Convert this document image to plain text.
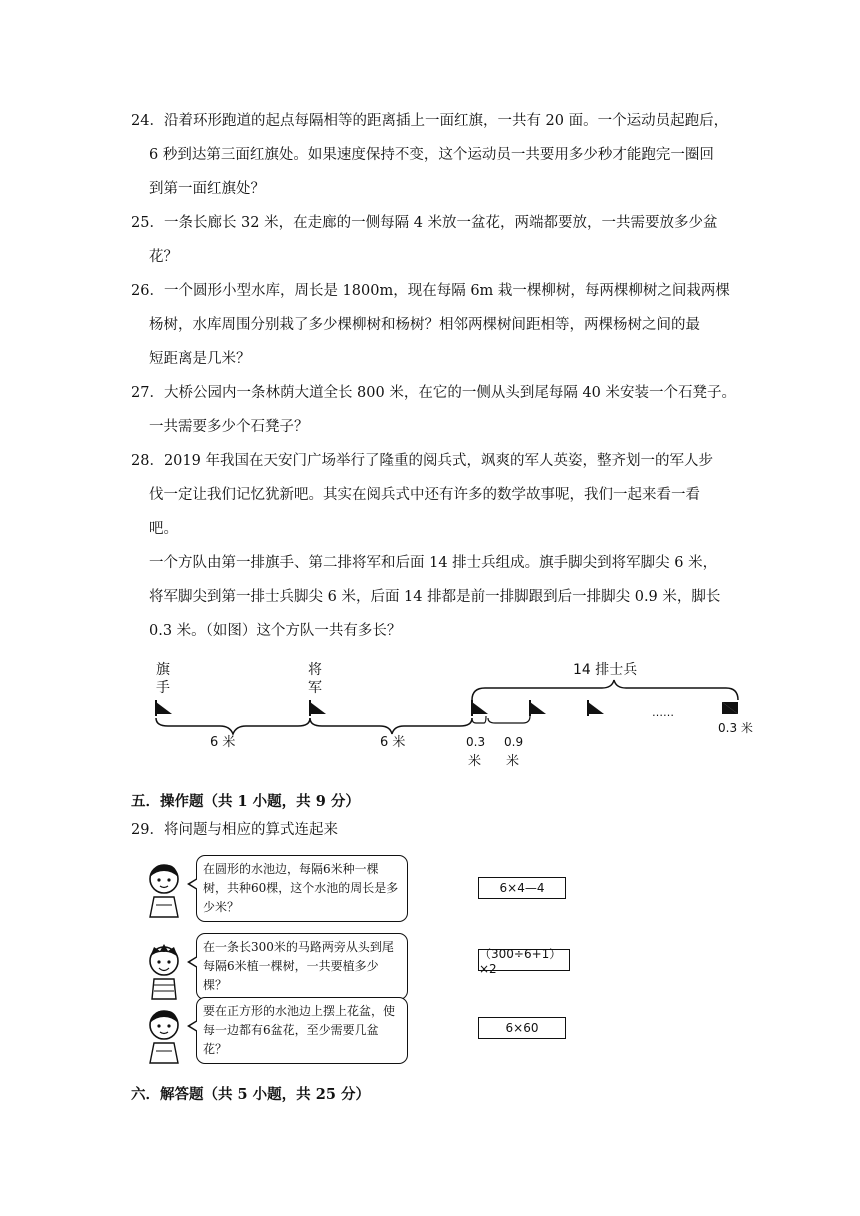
24．沿着环形跑道的起点每隔相等的距离插上一面红旗，一共有 20 面。一个运动员起跑后，
6 秒到达第三面红旗处。如果速度保持不变，这个运动员一共要用多少秒才能跑完一圈回
到第一面红旗处？
25．一条长廊长 32 米，在走廊的一侧每隔 4 米放一盆花，两端都要放，一共需要放多少盆
花？
26．一个圆形小型水库，周长是 1800m，现在每隔 6m 栽一棵柳树，每两棵柳树之间栽两棵
杨树，水库周围分别栽了多少棵柳树和杨树？相邻两棵树间距相等，两棵杨树之间的最
短距离是几米？
27．大桥公园内一条林荫大道全长 800 米，在它的一侧从头到尾每隔 40 米安装一个石凳子。
一共需要多少个石凳子？
28．2019 年我国在天安门广场举行了隆重的阅兵式，飒爽的军人英姿，整齐划一的军人步
伐一定让我们记忆犹新吧。其实在阅兵式中还有许多的数学故事呢，我们一起来看一看
吧。
一个方队由第一排旗手、第二排将军和后面 14 排士兵组成。旗手脚尖到将军脚尖 6 米，
将军脚尖到第一排士兵脚尖 6 米，后面 14 排都是前一排脚跟到后一排脚尖 0.9 米，脚长
0.3 米。（如图）这个方队一共有多长？
旗
手
将
军
14 排士兵
……
6 米	6 米	0.3
米
0.9
米
0.3 米
五．操作题（共 1 小题，共 9 分）
29．将问题与相应的算式连起来
在圆形的水池边，每隔6米种一棵树，共种60棵，这个水池的周长是多少米？
在一条长300米的马路两旁从头到尾每隔6米植一棵树，一共要植多少棵？
要在正方形的水池边上摆上花盆，使每一边都有6盆花，至少需要几盆 花？
6×4—4
（300÷6+1）×2
6×60
六．解答题（共 5 小题，共 25 分）
